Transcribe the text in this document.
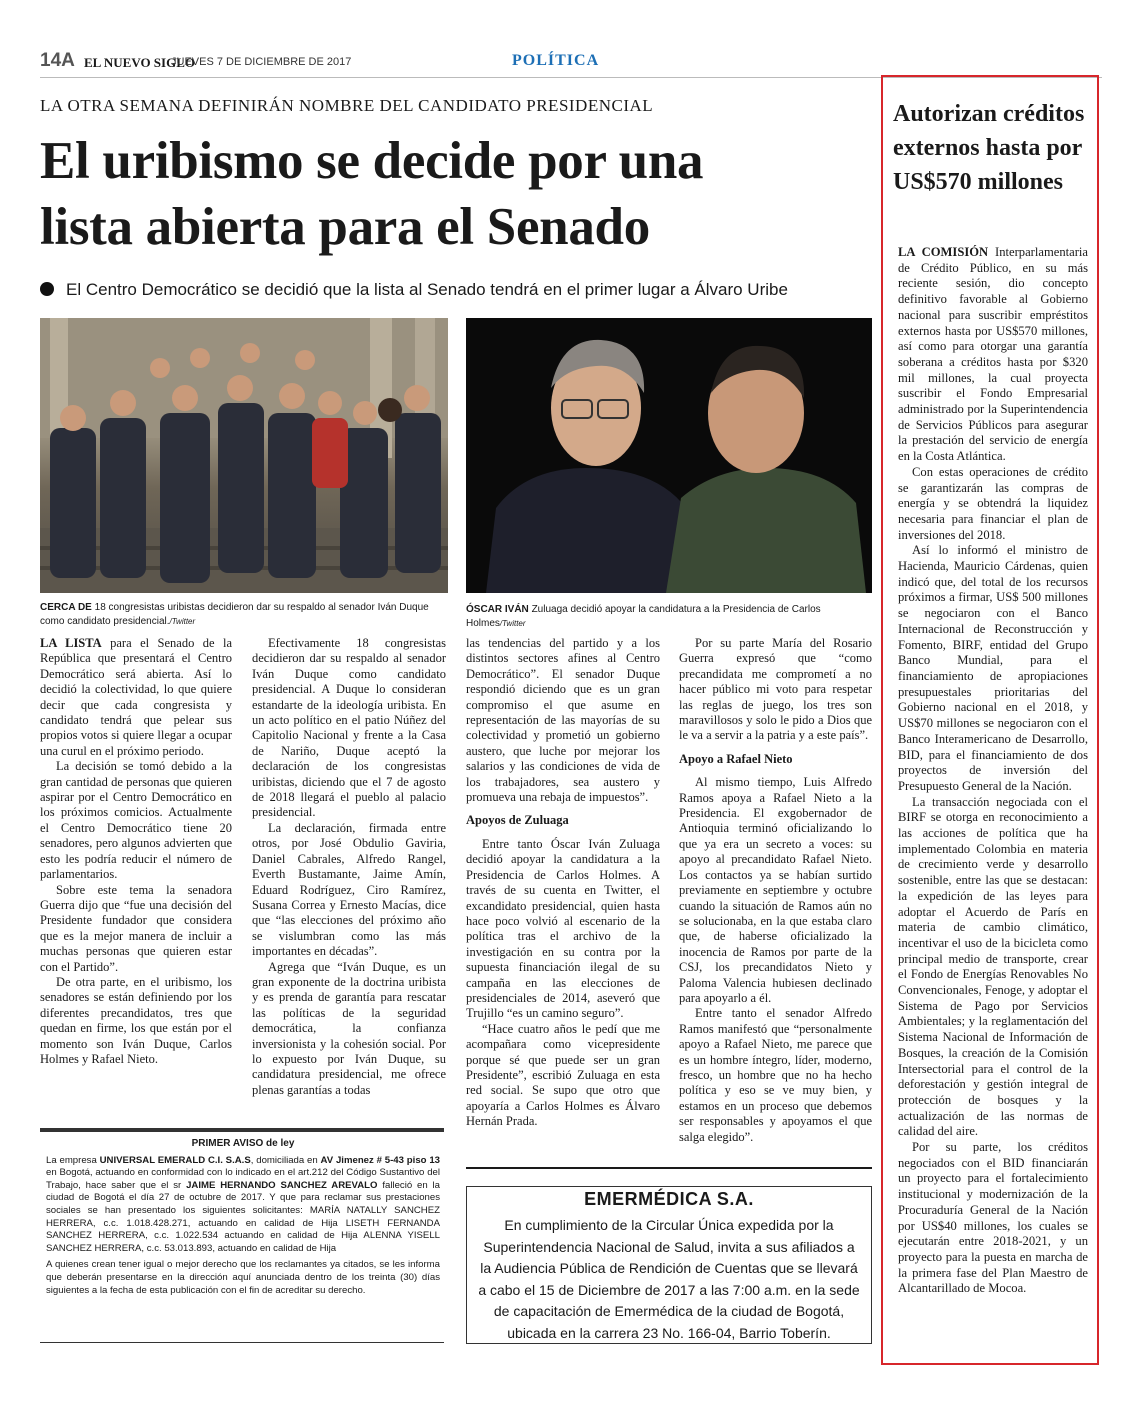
14A EL NUEVO SIGLO
JUEVES 7 DE DICIEMBRE DE 2017	POLÍTICA
LA OTRA SEMANA DEFINIRÁN NOMBRE DEL CANDIDATO PRESIDENCIAL
El uribismo se decide por una
lista abierta para el Senado
El Centro Democrático se decidió que la lista al Senado tendrá en el primer lugar a Álvaro Uribe
CERCA DE 18 congresistas uribistas decidieron dar su respaldo al senador Iván Duque como candidato presidencial./Twitter
ÓSCAR IVÁN Zuluaga decidió apoyar la candidatura a la Presidencia de Carlos Holmes/Twitter

LA LISTA para el Senado de la República que presentará el Centro Democrático será abierta. Así lo decidió la colectividad, lo que quiere decir que cada congresista y candidato tendrá que pelear sus propios votos si quiere llegar a ocupar una curul en el próximo periodo.

La decisión se tomó debido a la gran cantidad de personas que quieren aspirar por el Centro Democrático en los próximos comicios. Actualmente el Centro Democrático tiene 20 senadores, pero algunos advierten que esto les podría reducir el número de parlamentarios.

Sobre este tema la senadora Guerra dijo que “fue una decisión del Presidente fundador que considera que es la mejor manera de incluir a muchas personas que quieren estar con el Partido”.

De otra parte, en el uribismo, los senadores se están definiendo por los diferentes precandidatos, tres que quedan en firme, los que están por el momento son Iván Duque, Carlos Holmes y Rafael Nieto.

Efectivamente 18 congresistas decidieron dar su respaldo al senador Iván Duque como candidato presidencial. A Duque lo consideran estandarte de la ideología uribista. En un acto político en el patio Núñez del Capitolio Nacional y frente a la Casa de Nariño, Duque aceptó la declaración de los congresistas uribistas, diciendo que el 7 de agosto de 2018 llegará el pueblo al palacio presidencial.

La declaración, firmada entre otros, por José Obdulio Gaviria, Daniel Cabrales, Alfredo Rangel, Everth Bustamante, Jaime Amín, Eduard Rodríguez, Ciro Ramírez, Susana Correa y Ernesto Macías, dice que “las elecciones del próximo año se vislumbran como las más importantes en décadas”.

Agrega que “Iván Duque, es un gran exponente de la doctrina uribista y es prenda de garantía para rescatar las políticas de la seguridad democrática, la confianza inversionista y la cohesión social. Por lo expuesto por Iván Duque, su candidatura presidencial, me ofrece plenas garantías a todas

las tendencias del partido y a los distintos sectores afines al Centro Democrático”. El senador Duque respondió diciendo que es un gran compromiso el que asume en representación de las mayorías de su colectividad y prometió un gobierno austero, que luche por mejorar los salarios y las condiciones de vida de los trabajadores, sea austero y promueva una rebaja de impuestos”.

Apoyos de Zuluaga

Entre tanto Óscar Iván Zuluaga decidió apoyar la candidatura a la Presidencia de Carlos Holmes. A través de su cuenta en Twitter, el excandidato presidencial, quien hasta hace poco volvió al escenario de la política tras el archivo de la investigación en su contra por la supuesta financiación ilegal de su campaña en las elecciones de presidenciales de 2014, aseveró que Trujillo “es un camino seguro”.

“Hace cuatro años le pedí que me acompañara como vicepresidente porque sé que puede ser un gran Presidente”, escribió Zuluaga en esta red social. Se supo que otro que apoyaría a Carlos Holmes es Álvaro Hernán Prada.

Por su parte María del Rosario Guerra expresó que “como precandidata me comprometí a no hacer público mi voto para respetar las reglas de juego, los tres son maravillosos y solo le pido a Dios que le va a servir a la patria y a este país”.

Apoyo a Rafael Nieto

Al mismo tiempo, Luis Alfredo Ramos apoya a Rafael Nieto a la Presidencia. El exgobernador de Antioquia terminó oficializando lo que ya era un secreto a voces: su apoyo al precandidato Rafael Nieto. Los contactos ya se habían surtido previamente en septiembre y octubre cuando la situación de Ramos aún no se solucionaba, en la que estaba claro que, de haberse oficializado la inocencia de Ramos por parte de la CSJ, los precandidatos Nieto y Paloma Valencia hubiesen declinado para apoyarlo a él.

Entre tanto el senador Alfredo Ramos manifestó que “personalmente apoyo a Rafael Nieto, me parece que es un hombre íntegro, líder, moderno, fresco, un hombre que no ha hecho política y eso se ve muy bien, y estamos en un proceso que debemos ser responsables y apoyamos el que salga elegido”.

PRIMER AVISO de ley

La empresa UNIVERSAL EMERALD C.I. S.A.S, domiciliada en AV Jimenez # 5-43 piso 13 en Bogotá, actuando en conformidad con lo indicado en el art.212 del Código Sustantivo del Trabajo, hace saber que el sr JAIME HERNANDO SANCHEZ AREVALO falleció en la ciudad de Bogotá el día 27 de octubre de 2017. Y que para reclamar sus prestaciones sociales se han presentado los siguientes solicitantes: MARÍA NATALLY SANCHEZ HERRERA, c.c. 1.018.428.271, actuando en calidad de Hija LISETH FERNANDA SANCHEZ HERRERA, c.c. 1.022.534 actuando en calidad de Hija ALENNA YISELL SANCHEZ HERRERA, c.c. 53.013.893, actuando en calidad de Hija

A quienes crean tener igual o mejor derecho que los reclamantes ya citados, se les informa que deberán presentarse en la dirección aquí anunciada dentro de los treinta (30) días siguientes a la fecha de esta publicación con el fin de acreditar su derecho.

EMERMÉDICA S.A.
En cumplimiento de la Circular Única expedida por la Superintendencia Nacional de Salud, invita a sus afiliados a la Audiencia Pública de Rendición de Cuentas que se llevará a cabo el 15 de Diciembre de 2017 a las 7:00 a.m. en la sede de capacitación de Emermédica de la ciudad de Bogotá, ubicada en la carrera 23 No. 166-04, Barrio Toberín.
Autorizan créditos externos hasta por US$570 millones

LA COMISIÓN Interparlamentaria de Crédito Público, en su más reciente sesión, dio concepto definitivo favorable al Gobierno nacional para suscribir empréstitos externos hasta por US$570 millones, así como para otorgar una garantía soberana a créditos hasta por $320 mil millones, la cual proyecta suscribir el Fondo Empresarial administrado por la Superintendencia de Servicios Públicos para asegurar la prestación del servicio de energía en la Costa Atlántica.

Con estas operaciones de crédito se garantizarán las compras de energía y se obtendrá la liquidez necesaria para financiar el plan de inversiones del 2018.

Así lo informó el ministro de Hacienda, Mauricio Cárdenas, quien indicó que, del total de los recursos próximos a firmar, US$ 500 millones se negociaron con el Banco Internacional de Reconstrucción y Fomento, BIRF, entidad del Grupo Banco Mundial, para el financiamiento de apropiaciones presupuestales prioritarias del Gobierno nacional en el 2018, y US$70 millones se negociaron con el Banco Interamericano de Desarrollo, BID, para el financiamiento de dos proyectos de inversión del Presupuesto General de la Nación.

La transacción negociada con el BIRF se otorga en reconocimiento a las acciones de política que ha implementado Colombia en materia de crecimiento verde y desarrollo sostenible, entre las que se destacan: la expedición de las leyes para adoptar el Acuerdo de París en materia de cambio climático, incentivar el uso de la bicicleta como principal medio de transporte, crear el Fondo de Energías Renovables No Convencionales, Fenoge, y adoptar el Sistema de Pago por Servicios Ambientales; y la reglamentación del Sistema Nacional de Información de Bosques, la creación de la Comisión Intersectorial para el control de la deforestación y gestión integral de protección de bosques y la actualización de las normas de calidad del aire.

Por su parte, los créditos negociados con el BID financiarán un proyecto para el fortalecimiento institucional y modernización de la Procuraduría General de la Nación por US$40 millones, los cuales se ejecutarán entre 2018-2021, y un proyecto para la puesta en marcha de la primera fase del Plan Maestro de Alcantarillado de Mocoa.
